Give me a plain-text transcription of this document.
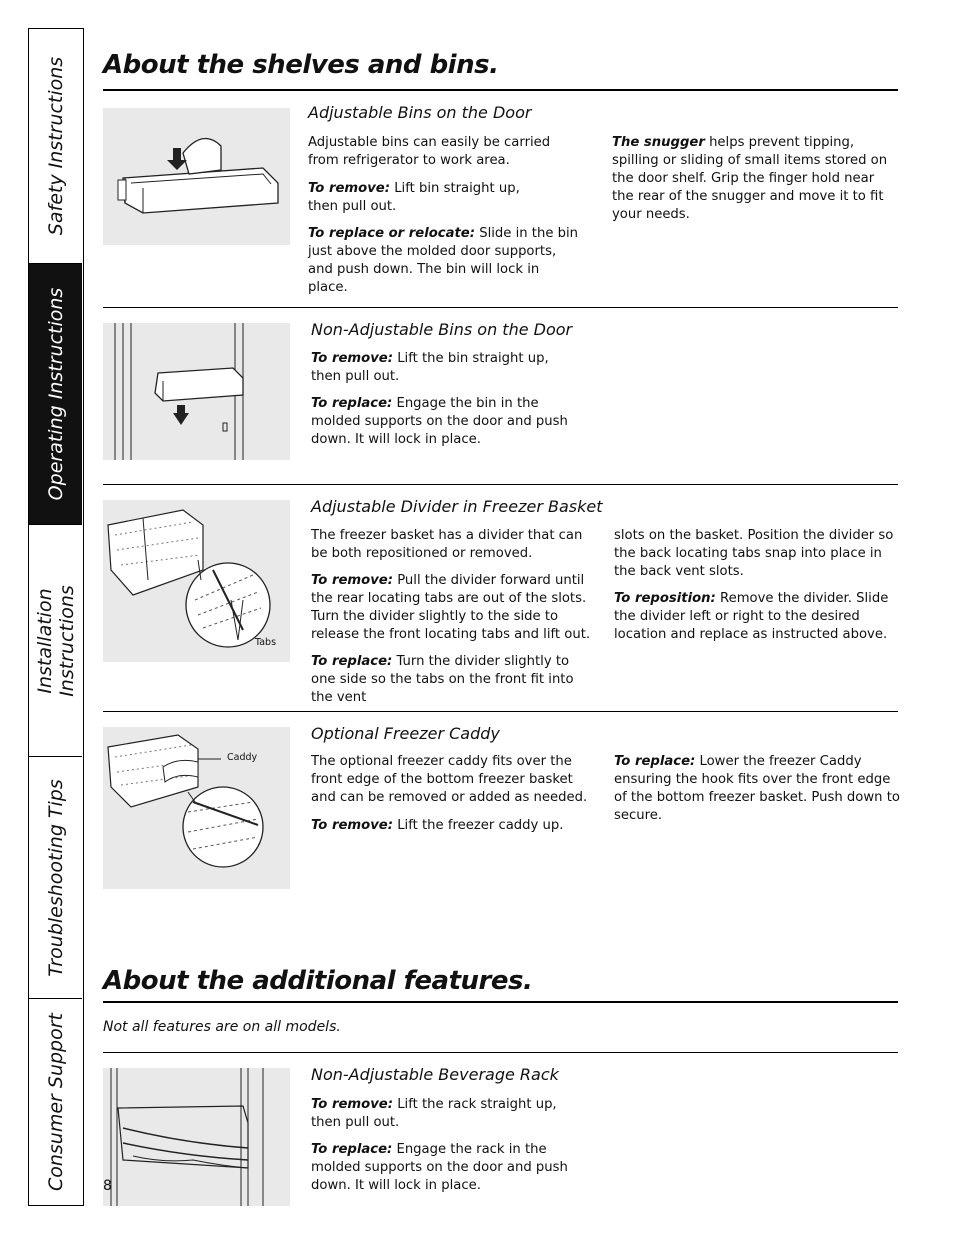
Safety Instructions
Operating Instructions
Installation Instructions
Troubleshooting Tips
Consumer Support
About the shelves and bins.
Adjustable Bins on the Door

Adjustable bins can easily be carried from refrigerator to work area.

To remove: Lift bin straight up, then pull out.

To replace or relocate: Slide in the bin just above the molded door supports, and push down. The bin will lock in place.

The snugger helps prevent tipping, spilling or sliding of small items stored on the door shelf. Grip the finger hold near the rear of the snugger and move it to fit your needs.

Non-Adjustable Bins on the Door

To remove: Lift the bin straight up, then pull out.

To replace: Engage the bin in the molded supports on the door and push down. It will lock in place.

Tabs
Adjustable Divider in Freezer Basket

The freezer basket has a divider that can be both repositioned or removed.

To remove: Pull the divider forward until the rear locating tabs are out of the slots. Turn the divider slightly to the side to release the front locating tabs and lift out.

To replace: Turn the divider slightly to one side so the tabs on the front fit into the vent

slots on the basket. Position the divider so the back locating tabs snap into place in the back vent slots.

To reposition: Remove the divider. Slide the divider left or right to the desired location and replace as instructed above.

Caddy
Optional Freezer Caddy

The optional freezer caddy fits over the front edge of the bottom freezer basket and can be removed or added as needed.

To remove: Lift the freezer caddy up.

To replace: Lower the freezer Caddy ensuring the hook fits over the front edge of the bottom freezer basket. Push down to secure.

About the additional features.
Not all features are on all models.
8
Non-Adjustable Beverage Rack

To remove: Lift the rack straight up, then pull out.

To replace: Engage the rack in the molded supports on the door and push down. It will lock in place.
